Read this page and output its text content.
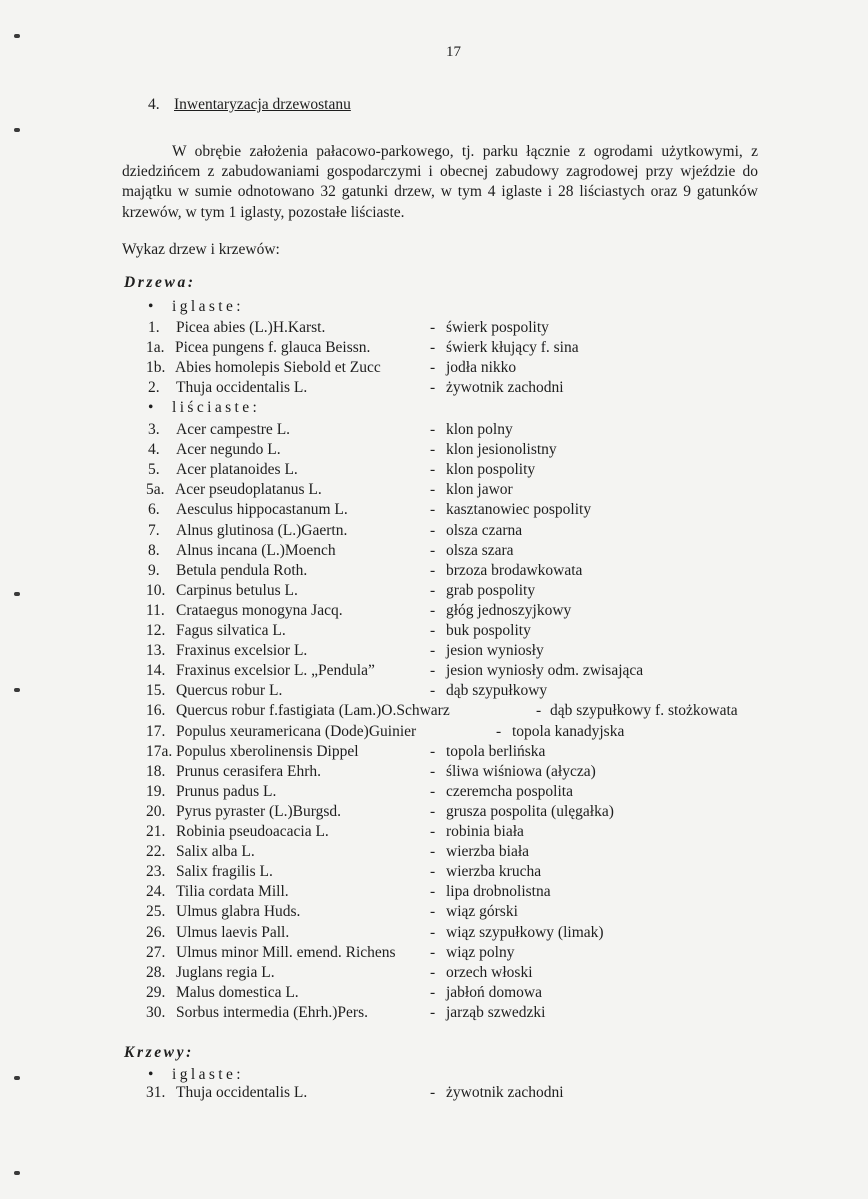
17
4. Inwentaryzacja drzewostanu

W obrębie założenia pałacowo-parkowego, tj. parku łącznie z ogrodami użytkowymi, z dziedzińcem z zabudowaniami gospodarczymi i obecnej zabudowy zagrodowej przy wjeździe do majątku w sumie odnotowano 32 gatunki drzew, w tym 4 iglaste i 28 liściastych oraz 9 gatunków krzewów, w tym 1 iglasty, pozostałe liściaste.

Wykaz drzew i krzewów:
Drzewa:
• iglaste:
1. Picea abies (L.)H.Karst.	- świerk pospolity
1a. Picea pungens f. glauca Beissn.	- świerk kłujący f. sina
1b. Abies homolepis Siebold et Zucc	- jodła nikko
2. Thuja occidentalis L.	- żywotnik zachodni
• liściaste:
3. Acer campestre L.	- klon polny
4. Acer negundo L.	- klon jesionolistny
5. Acer platanoides L.	- klon pospolity
5a. Acer pseudoplatanus L.	- klon jawor
6. Aesculus hippocastanum L.	- kasztanowiec pospolity
7. Alnus glutinosa (L.)Gaertn.	- olsza czarna
8. Alnus incana (L.)Moench	- olsza szara
9. Betula pendula Roth.	- brzoza brodawkowata
10. Carpinus betulus L.	- grab pospolity
11. Crataegus monogyna Jacq.	- głóg jednoszyjkowy
12. Fagus silvatica L.	- buk pospolity
13. Fraxinus excelsior L.	- jesion wyniosły
14. Fraxinus excelsior L. „Pendula”	- jesion wyniosły odm. zwisająca
15. Quercus robur L.	- dąb szypułkowy
16. Quercus robur f.fastigiata (Lam.)O.Schwarz	- dąb szypułkowy f. stożkowata
17. Populus xeuramericana (Dode)Guinier	- topola kanadyjska
17a. Populus xberolinensis Dippel	- topola berlińska
18. Prunus cerasifera Ehrh.	- śliwa wiśniowa (ałycza)
19. Prunus padus L.	- czeremcha pospolita
20. Pyrus pyraster (L.)Burgsd.	- grusza pospolita (ulęgałka)
21. Robinia pseudoacacia L.	- robinia biała
22. Salix alba L.	- wierzba biała
23. Salix fragilis L.	- wierzba krucha
24. Tilia cordata Mill.	- lipa drobnolistna
25. Ulmus glabra Huds.	- wiąz górski
26. Ulmus laevis Pall.	- wiąz szypułkowy (limak)
27. Ulmus minor Mill. emend. Richens - wiąz polny
28. Juglans regia L.	- orzech włoski
29. Malus domestica L.	- jabłoń domowa
30. Sorbus intermedia (Ehrh.)Pers.	- jarząb szwedzki
Krzewy:
• iglaste:
31. Thuja occidentalis L.	- żywotnik zachodni
